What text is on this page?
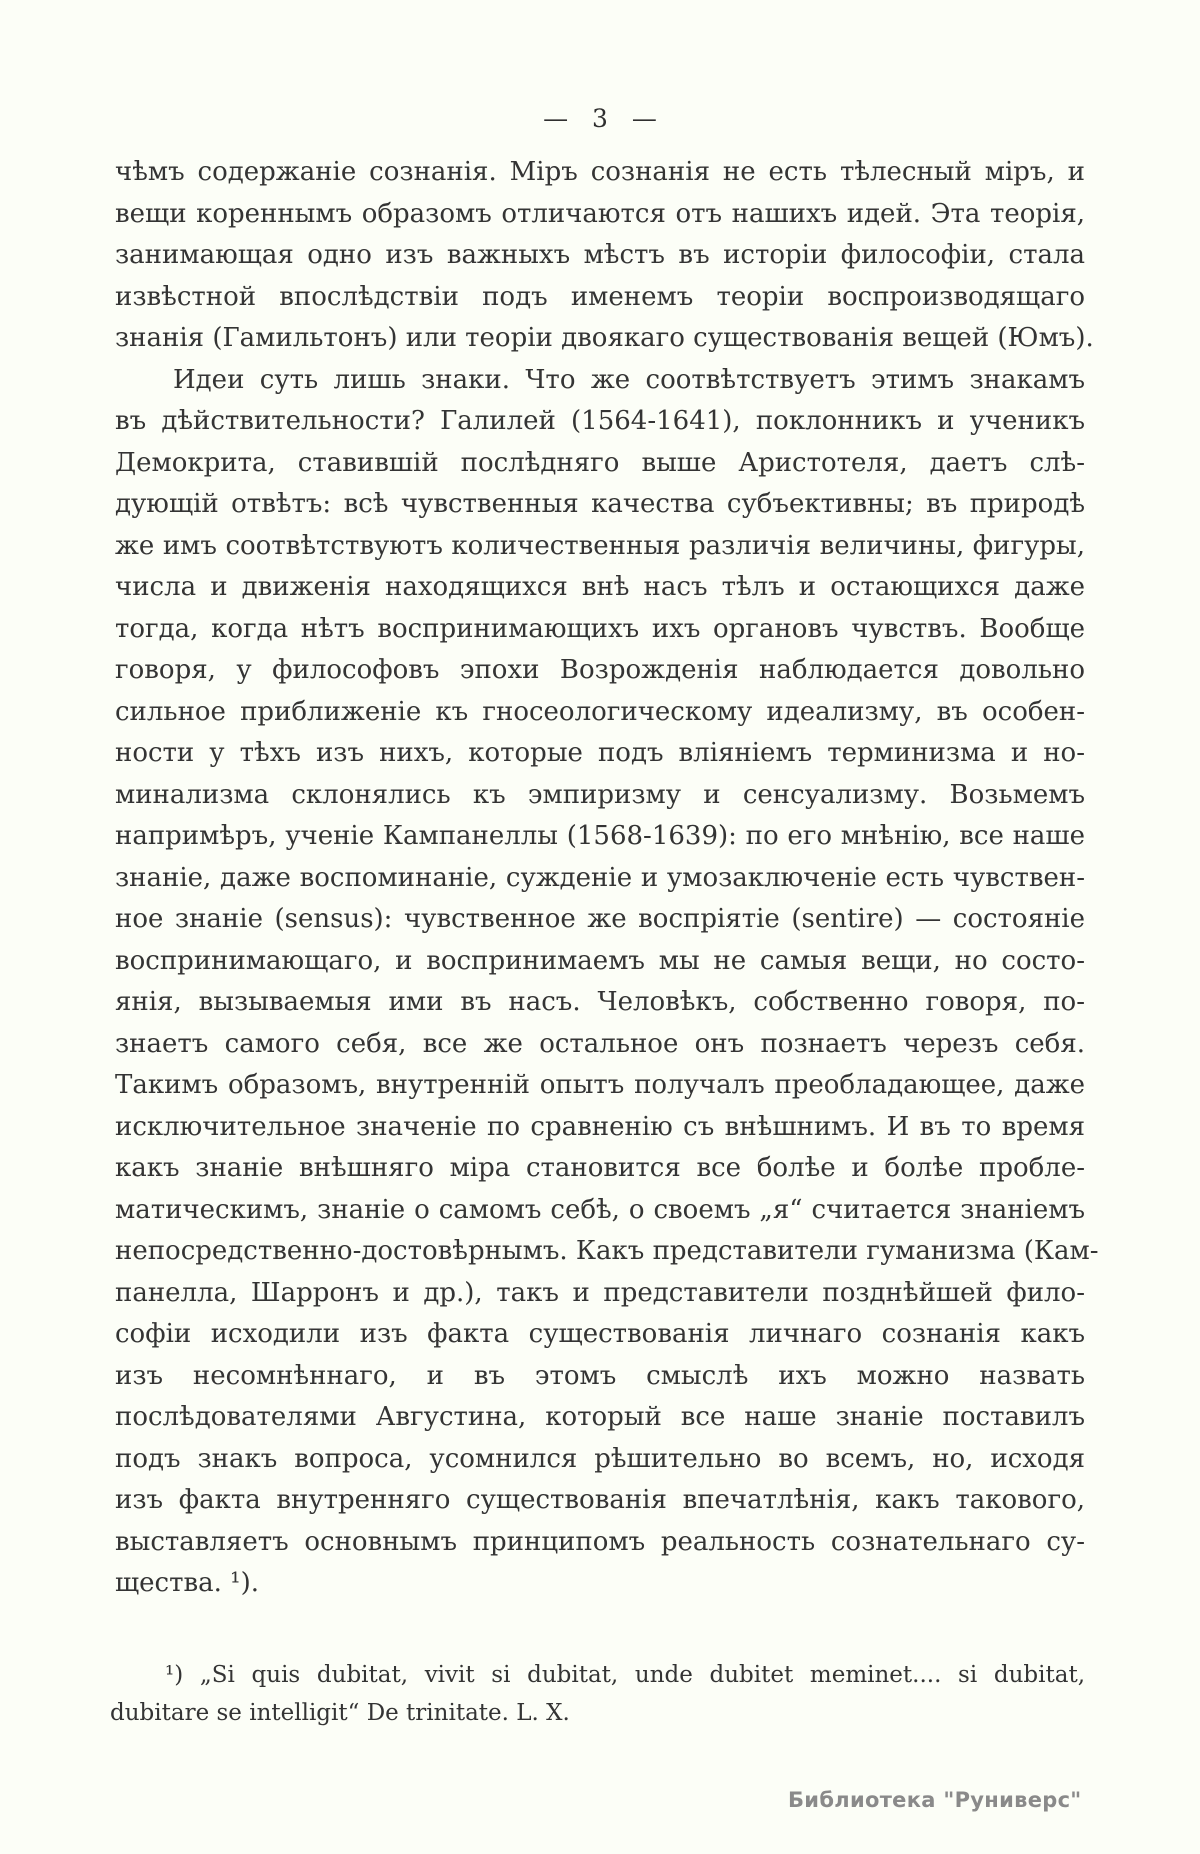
— 3 —
чѣмъ содержаніе сознанія. Міръ сознанія не есть тѣлесный міръ, и
вещи кореннымъ образомъ отличаются отъ нашихъ идей. Эта теорія,
занимающая одно изъ важныхъ мѣстъ въ исторіи философіи, стала
извѣстной впослѣдствіи подъ именемъ теоріи воспроизводящаго
знанія (Гамильтонъ) или теоріи двоякаго существованія вещей (Юмъ).
Идеи суть лишь знаки. Что же соотвѣтствуетъ этимъ знакамъ
въ дѣйствительности? Галилей (1564-1641), поклонникъ и ученикъ
Демокрита, ставившій послѣдняго выше Аристотеля, даетъ слѣ-
дующій отвѣтъ: всѣ чувственныя качества субъективны; въ природѣ
же имъ соотвѣтствуютъ количественныя различія величины, фигуры,
числа и движенія находящихся внѣ насъ тѣлъ и остающихся даже
тогда, когда нѣтъ воспринимающихъ ихъ органовъ чувствъ. Вообще
говоря, у философовъ эпохи Возрожденія наблюдается довольно
сильное приближеніе къ гносеологическому идеализму, въ особен-
ности у тѣхъ изъ нихъ, которые подъ вліяніемъ терминизма и но-
минализма склонялись къ эмпиризму и сенсуализму. Возьмемъ
напримѣръ, ученіе Кампанеллы (1568-1639): по его мнѣнію, все наше
знаніе, даже воспоминаніе, сужденіе и умозаключеніе есть чувствен-
ное знаніе (sensus): чувственное же воспріятіе (sentire) — состояніе
воспринимающаго, и воспринимаемъ мы не самыя вещи, но состо-
янія, вызываемыя ими въ насъ. Человѣкъ, собственно говоря, по-
знаетъ самого себя, все же остальное онъ познаетъ черезъ себя.
Такимъ образомъ, внутренній опытъ получалъ преобладающее, даже
исключительное значеніе по сравненію съ внѣшнимъ. И въ то время
какъ знаніе внѣшняго міра становится все болѣе и болѣе пробле-
матическимъ, знаніе о самомъ себѣ, о своемъ „я“ считается знаніемъ
непосредственно-достовѣрнымъ. Какъ представители гуманизма (Кам-
панелла, Шарронъ и др.), такъ и представители позднѣйшей фило-
софіи исходили изъ факта существованія личнаго сознанія какъ
изъ несомнѣннаго, и въ этомъ смыслѣ ихъ можно назвать
послѣдователями Августина, который все наше знаніе поставилъ
подъ знакъ вопроса, усомнился рѣшительно во всемъ, но, исходя
изъ факта внутренняго существованія впечатлѣнія, какъ такового,
выставляетъ основнымъ принципомъ реальность сознательнаго су-
щества. ¹).
¹) „Si quis dubitat, vivit si dubitat, unde dubitet meminet.... si dubitat,
dubitare se intelligit“ De trinitate. L. X.
Библиотека "Руниверс"
